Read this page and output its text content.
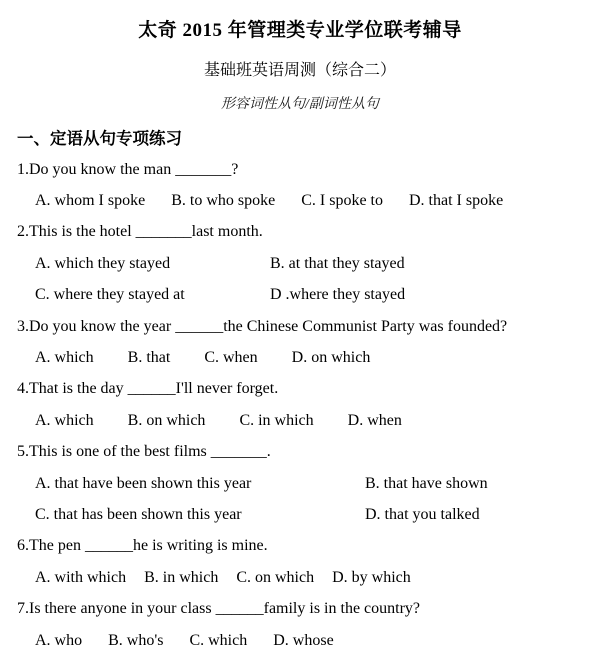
太奇 2015 年管理类专业学位联考辅导
基础班英语周测（综合二）
形容词性从句/副词性从句
一、定语从句专项练习
1.Do you know the man _______?
A. whom I spoke B. to who spoke C. I spoke to D. that I spoke
2.This is the hotel _______last month.
A. which they stayed	B. at that they stayed
C. where they stayed at	D .where they stayed
3.Do you know the year ______the Chinese Communist Party was founded?
A. which B. that C. when D. on which
4.That is the day ______I'll never forget.
A. which B. on which C. in which D. when
5.This is one of the best films _______.
A. that have been shown this year	B. that have shown
C. that has been shown this year	D. that you talked
6.The pen ______he is writing is mine.
A. with which B. in which C. on which D. by which
7.Is there anyone in your class ______family is in the country?
A. who B. who's C. which D. whose
